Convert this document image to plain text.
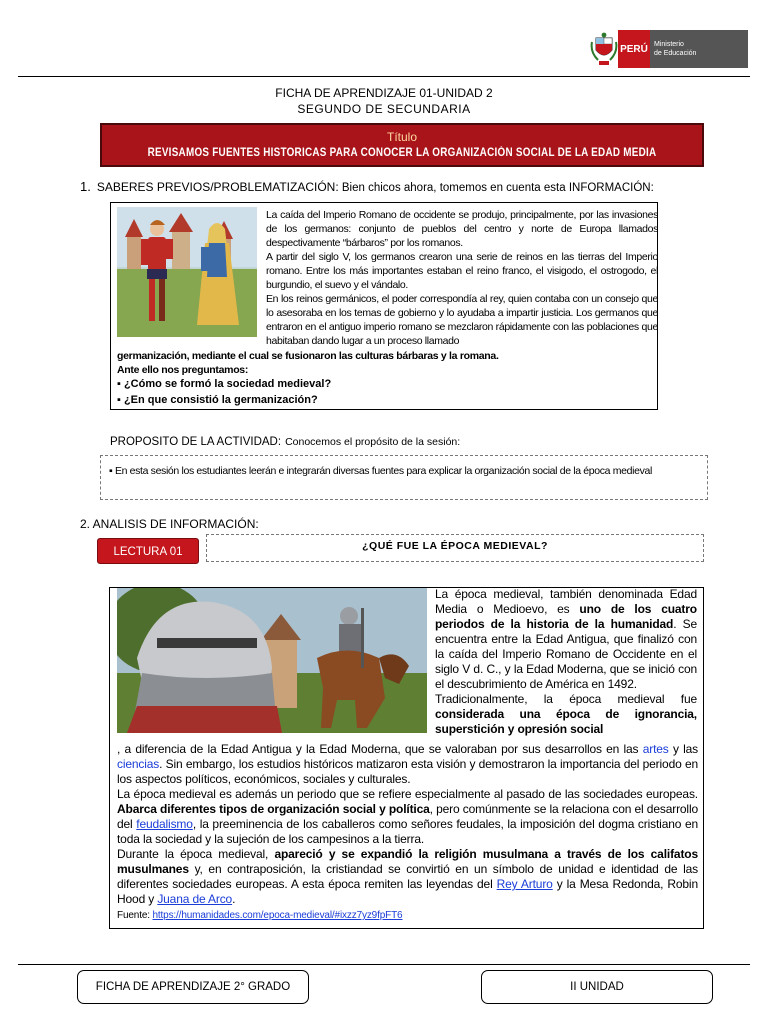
PERÚ Ministerio
de Educación
FICHA DE APRENDIZAJE 01-UNIDAD 2
SEGUNDO DE SECUNDARIA
Título
REVISAMOS FUENTES HISTORICAS PARA CONOCER LA ORGANIZACIÓN SOCIAL DE LA EDAD MEDIA
1. SABERES PREVIOS/PROBLEMATIZACIÓN: Bien chicos ahora, tomemos en cuenta esta INFORMACIÓN:

La caída del Imperio Romano de occidente se produjo, principalmente, por las invasiones de los germanos: conjunto de pueblos del centro y norte de Europa llamados despectivamente “bárbaros” por los romanos.

A partir del siglo V, los germanos crearon una serie de reinos en las tierras del Imperio romano. Entre los más importantes estaban el reino franco, el visigodo, el ostrogodo, el burgundio, el suevo y el vándalo.

En los reinos germánicos, el poder correspondía al rey, quien contaba con un consejo que lo asesoraba en los temas de gobierno y lo ayudaba a impartir justicia. Los germanos que entraron en el antiguo imperio romano se mezclaron rápidamente con las poblaciones que habitaban dando lugar a un proceso llamado

germanización, mediante el cual se fusionaron las culturas bárbaras y la romana.
Ante ello nos preguntamos:
▪ ¿Cómo se formó la sociedad medieval?
▪ ¿En que consistió la germanización?
PROPOSITO DE LA ACTIVIDAD: Conocemos el propósito de la sesión:
▪ En esta sesión los estudiantes leerán e integrarán diversas fuentes para explicar la organización social de la época medieval
2. ANALISIS DE INFORMACIÓN:
LECTURA 01	¿QUÉ FUE LA ÉPOCA MEDIEVAL?
La época medieval, también denominada Edad Media o Medioevo, es uno de los cuatro periodos de la historia de la humanidad. Se encuentra entre la Edad Antigua, que finalizó con la caída del Imperio Romano de Occidente en el siglo V d. C., y la Edad Moderna, que se inició con el descubrimiento de América en 1492.
Tradicionalmente, la época medieval fue considerada una época de ignorancia, superstición y opresión social
, a diferencia de la Edad Antigua y la Edad Moderna, que se valoraban por sus desarrollos en las artes y las ciencias. Sin embargo, los estudios históricos matizaron esta visión y demostraron la importancia del periodo en los aspectos políticos, económicos, sociales y culturales.
La época medieval es además un periodo que se refiere especialmente al pasado de las sociedades europeas. Abarca diferentes tipos de organización social y política, pero comúnmente se la relaciona con el desarrollo del feudalismo, la preeminencia de los caballeros como señores feudales, la imposición del dogma cristiano en toda la sociedad y la sujeción de los campesinos a la tierra.
Durante la época medieval, apareció y se expandió la religión musulmana a través de los califatos musulmanes y, en contraposición, la cristiandad se convirtió en un símbolo de unidad e identidad de las diferentes sociedades europeas. A esta época remiten las leyendas del Rey Arturo y la Mesa Redonda, Robin Hood y Juana de Arco.
Fuente: https://humanidades.com/epoca-medieval/#ixzz7yz9fpFT6
FICHA DE APRENDIZAJE 2° GRADO	II UNIDAD
